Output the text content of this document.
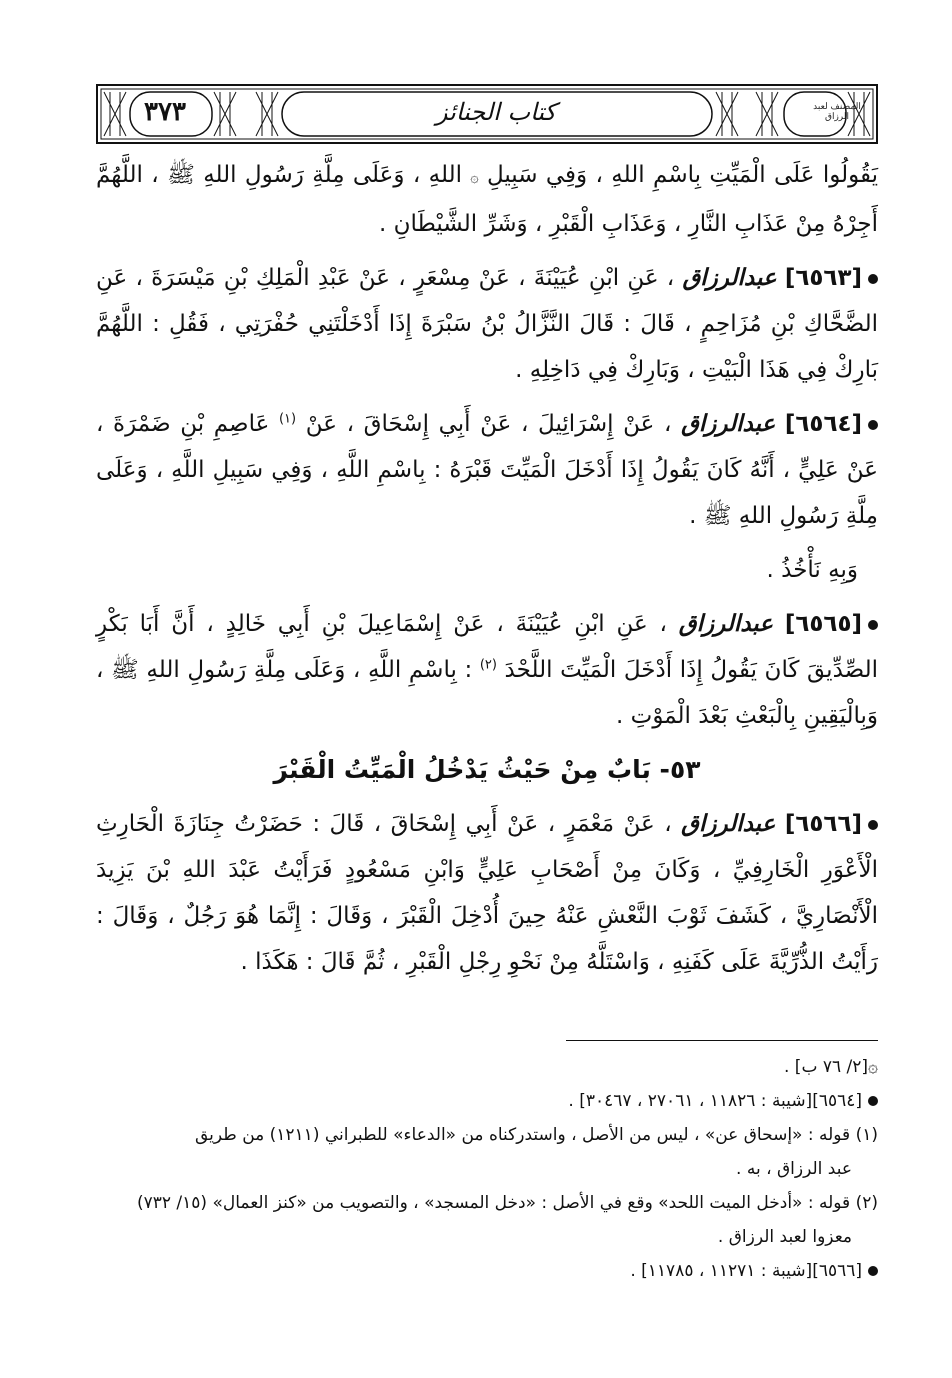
٣٧٣	كتاب الجنائز	المصنف لعبد الرزاق

يَقُولُوا عَلَى الْمَيِّتِ بِاسْمِ اللهِ ، وَفِي سَبِيلِ ۞ اللهِ ، وَعَلَى مِلَّةِ رَسُولِ اللهِ ﷺ ، اللَّهُمَّ أَجِرْهُ مِنْ عَذَابِ النَّارِ ، وَعَذَابِ الْقَبْرِ ، وَشَرِّ الشَّيْطَانِ .

[٦٥٦٣] عبدالرزاق ، عَنِ ابْنِ عُيَيْنَةَ ، عَنْ مِسْعَرٍ ، عَنْ عَبْدِ الْمَلِكِ بْنِ مَيْسَرَةَ ، عَنِ الضَّحَّاكِ بْنِ مُزَاحِمٍ ، قَالَ : قَالَ النَّزَّالُ بْنُ سَبْرَةَ إِذَا أَدْخَلْتَنِي حُفْرَتِي ، فَقُلِ : اللَّهُمَّ بَارِكْ فِي هَذَا الْبَيْتِ ، وَبَارِكْ فِي دَاخِلِهِ .

[٦٥٦٤] عبدالرزاق ، عَنْ إِسْرَائِيلَ ، عَنْ أَبِي إِسْحَاقَ ، عَنْ $^{(١)}$ عَاصِمِ بْنِ ضَمْرَةَ ، عَنْ عَلِيٍّ ، أَنَّهُ كَانَ يَقُولُ إِذَا أَدْخَلَ الْمَيِّتَ قَبْرَهُ : بِاسْمِ اللَّهِ ، وَفِي سَبِيلِ اللَّهِ ، وَعَلَى مِلَّةِ رَسُولِ اللهِ ﷺ .

وَبِهِ نَأْخُذُ .

[٦٥٦٥] عبدالرزاق ، عَنِ ابْنِ عُيَيْنَةَ ، عَنْ إِسْمَاعِيلَ بْنِ أَبِي خَالِدٍ ، أَنَّ أَبَا بَكْرٍ الصِّدِّيقَ كَانَ يَقُولُ إِذَا أَدْخَلَ الْمَيِّتَ اللَّحْدَ $^{(٢)}$ : بِاسْمِ اللَّهِ ، وَعَلَى مِلَّةِ رَسُولِ اللهِ ﷺ ، وَبِالْيَقِينِ بِالْبَعْثِ بَعْدَ الْمَوْتِ .

٥٣- بَابٌ مِنْ حَيْثُ يَدْخُلُ الْمَيِّتُ الْقَبْرَ

[٦٥٦٦] عبدالرزاق ، عَنْ مَعْمَرٍ ، عَنْ أَبِي إِسْحَاقَ ، قَالَ : حَضَرْتُ جِنَازَةَ الْحَارِثِ الْأَعْوَرِ الْخَارِفِيِّ ، وَكَانَ مِنْ أَصْحَابِ عَلِيٍّ وَابْنِ مَسْعُودٍ فَرَأَيْتُ عَبْدَ اللهِ بْنَ يَزِيدَ الْأَنْصَارِيَّ ، كَشَفَ ثَوْبَ النَّعْشِ عَنْهُ حِينَ أُدْخِلَ الْقَبْرَ ، وَقَالَ : إِنَّمَا هُوَ رَجُلٌ ، وَقَالَ : رَأَيْتُ الذُّرِّيَّةَ عَلَى كَفَنِهِ ، وَاسْتَلَّهُ مِنْ نَحْوِ رِجْلِ الْقَبْرِ ، ثُمَّ قَالَ : هَكَذَا .

۞[٢/ ٧٦ ب] .

[٦٥٦٤][شيبة : ١١٨٢٦ ، ٢٧٠٦١ ، ٣٠٤٦٧] .

(١) قوله : «إسحاق عن» ، ليس من الأصل ، واستدركناه من «الدعاء» للطبراني (١٢١١) من طريق

عبد الرزاق ، به .

(٢) قوله : «أدخل الميت اللحد» وقع في الأصل : «دخل المسجد» ، والتصويب من «كنز العمال» (١٥/ ٧٣٢)

معزوا لعبد الرزاق .

[٦٥٦٦][شيبة : ١١٢٧١ ، ١١٧٨٥] .
